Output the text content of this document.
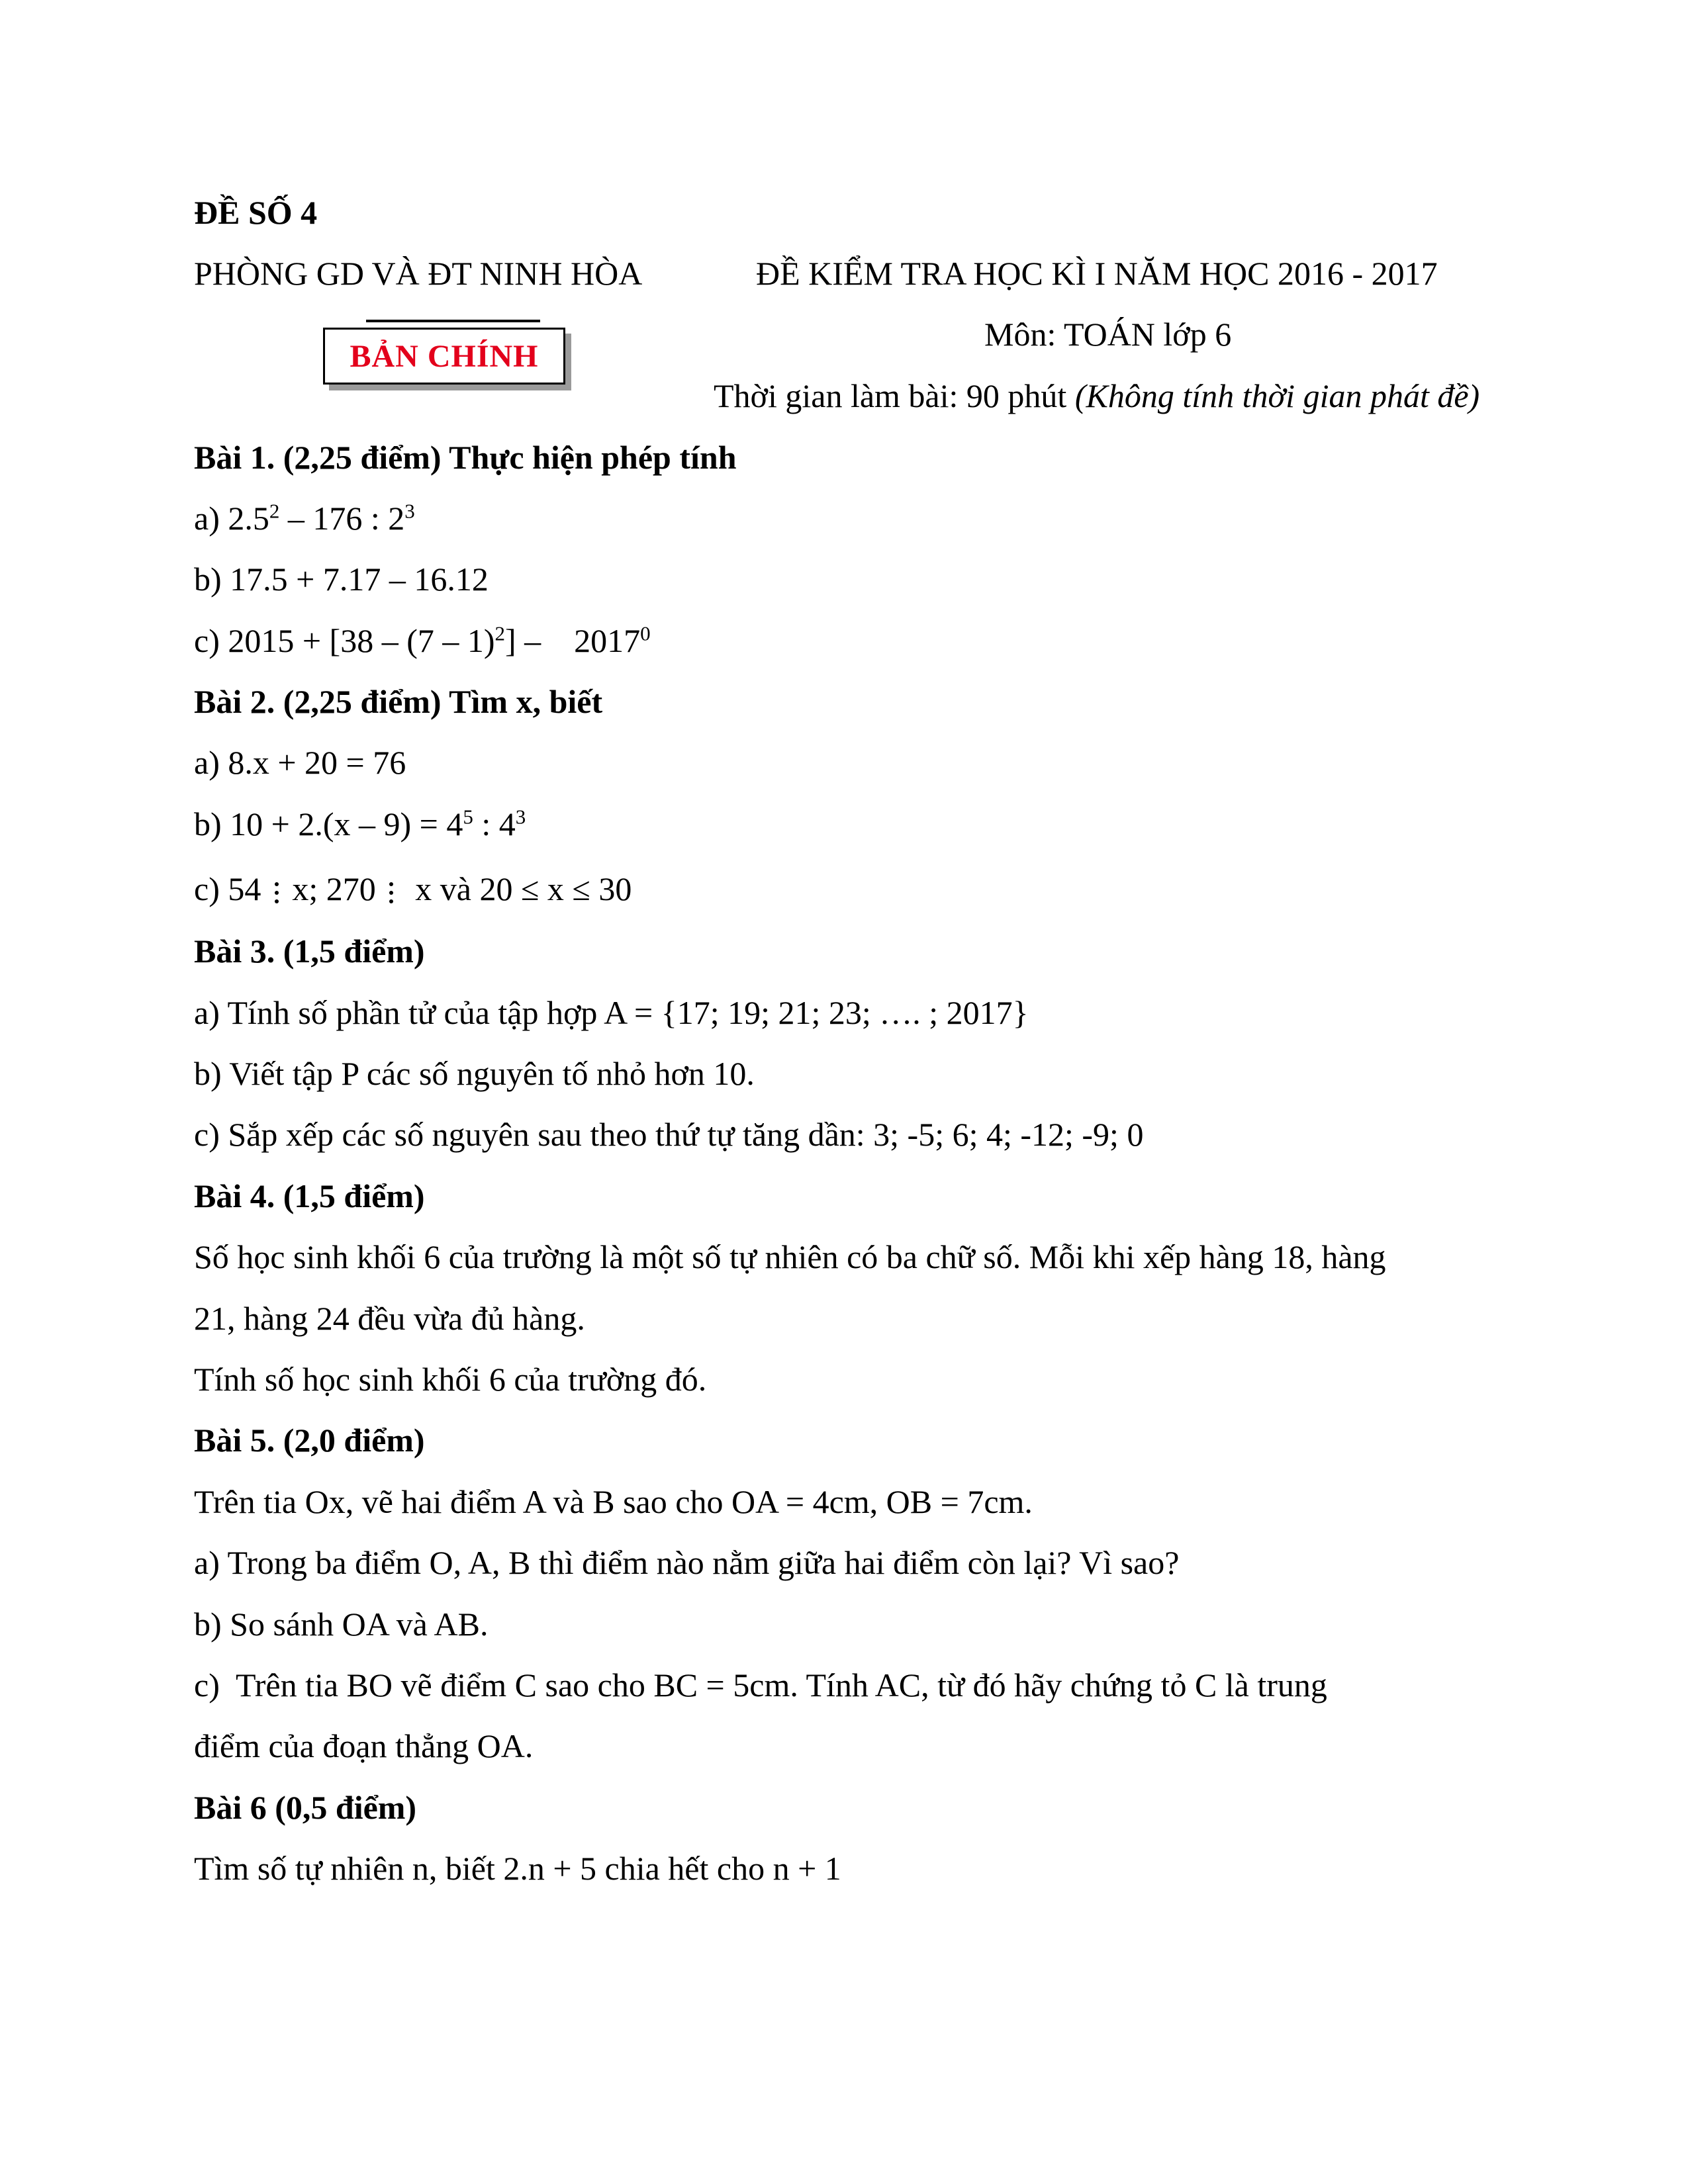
ĐỀ SỐ 4
PHÒNG GD VÀ ĐT NINH HÒA	ĐỀ KIỂM TRA HỌC KÌ I NĂM HỌC 2016 - 2017
BẢN CHÍNH
Môn: TOÁN lớp 6
Thời gian làm bài: 90 phút (Không tính thời gian phát đề)
Bài 1. (2,25 điểm) Thực hiện phép tính
a) $2.5^2 - 176$ : $2^3$
b) 17.5 + 7.17 – 16.12
c) 2015 + [38 – (7 – 1)$^2$] –    2017$^0$
Bài 2. (2,25 điểm) Tìm x, biết
a) 8.x + 20 = 76
b) $10 + 2.(x - 9) = 4^5$ : $4^3$
c) 54
x; 270
x và 20 ≤ x ≤ 30
Bài 3. (1,5 điểm)
a) Tính số phần tử của tập hợp A = {17; 19; 21; 23; …. ; 2017}
b) Viết tập P các số nguyên tố nhỏ hơn 10.
c) Sắp xếp các số nguyên sau theo thứ tự tăng dần: 3; -5; 6; 4; -12; -9; 0
Bài 4. (1,5 điểm)
Số học sinh khối 6 của trường là một số tự nhiên có ba chữ số. Mỗi khi xếp hàng 18, hàng
21, hàng 24 đều vừa đủ hàng.
Tính số học sinh khối 6 của trường đó.
Bài 5. (2,0 điểm)
Trên tia Ox, vẽ hai điểm A và B sao cho OA = 4cm, OB = 7cm.
a) Trong ba điểm O, A, B thì điểm nào nằm giữa hai điểm còn lại? Vì sao?
b) So sánh OA và AB.
c)  Trên tia BO vẽ điểm C sao cho BC = 5cm. Tính AC, từ đó hãy chứng tỏ C là trung
điểm của đoạn thẳng OA.
Bài 6 (0,5 điểm)
Tìm số tự nhiên n, biết 2.n + 5 chia hết cho n + 1
